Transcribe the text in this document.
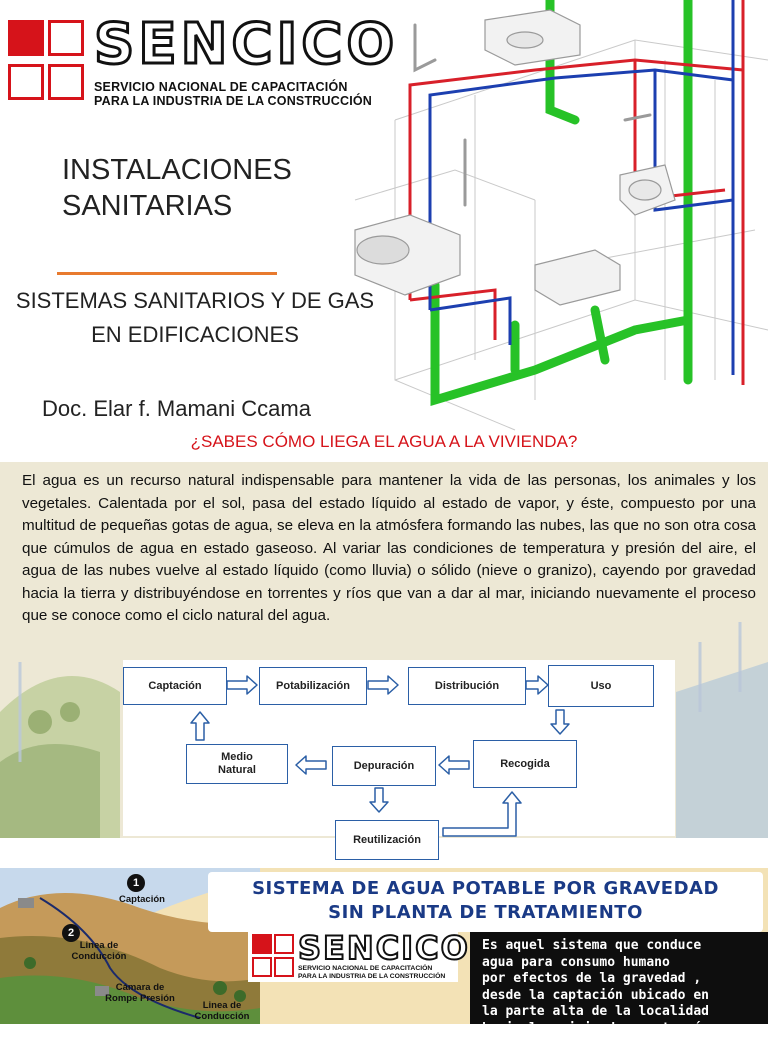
SENCICO
SERVICIO NACIONAL DE CAPACITACIÓN
PARA LA INDUSTRIA DE LA CONSTRUCCIÓN
INSTALACIONES
SANITARIAS
SISTEMAS SANITARIOS Y DE GAS
EN EDIFICACIONES
Doc. Elar f. Mamani Ccama
¿SABES CÓMO LIEGA EL AGUA A LA VIVIENDA?
El agua es un recurso natural indispensable para mantener la vida de las personas, los animales y los vegetales. Calentada por el sol, pasa del estado líquido al estado de vapor, y éste, compuesto por una multitud de pequeñas gotas de agua, se eleva en la atmósfera formando las nubes, las que no son otra cosa que cúmulos de agua en estado gaseoso. Al variar las condiciones de temperatura y presión del aire, el agua de las nubes vuelve al estado líquido (como lluvia) o sólido (nieve o granizo), cayendo por gravedad hacia la tierra y distribuyéndose en torrentes y ríos que van a dar al mar, iniciando nuevamente el proceso que se conoce como el ciclo natural del agua.
Captación	Potabilización	Distribución	Uso
Medio
Natural	Depuración	Recogida
Reutilización
1
Captación
2
Linea de
Conducción
Cámara de
Rompe Presión
Linea de
Conducción
SISTEMA DE AGUA POTABLE POR GRAVEDAD
SIN PLANTA DE TRATAMIENTO
SENCICO
SERVICIO NACIONAL DE CAPACITACIÓN
PARA LA INDUSTRIA DE LA CONSTRUCCIÓN
Es aquel sistema que conduce
agua para consumo humano
por efectos de la gravedad ,
desde la captación ubicado en
la parte alta de la localidad
hacia las viviendas, a través
